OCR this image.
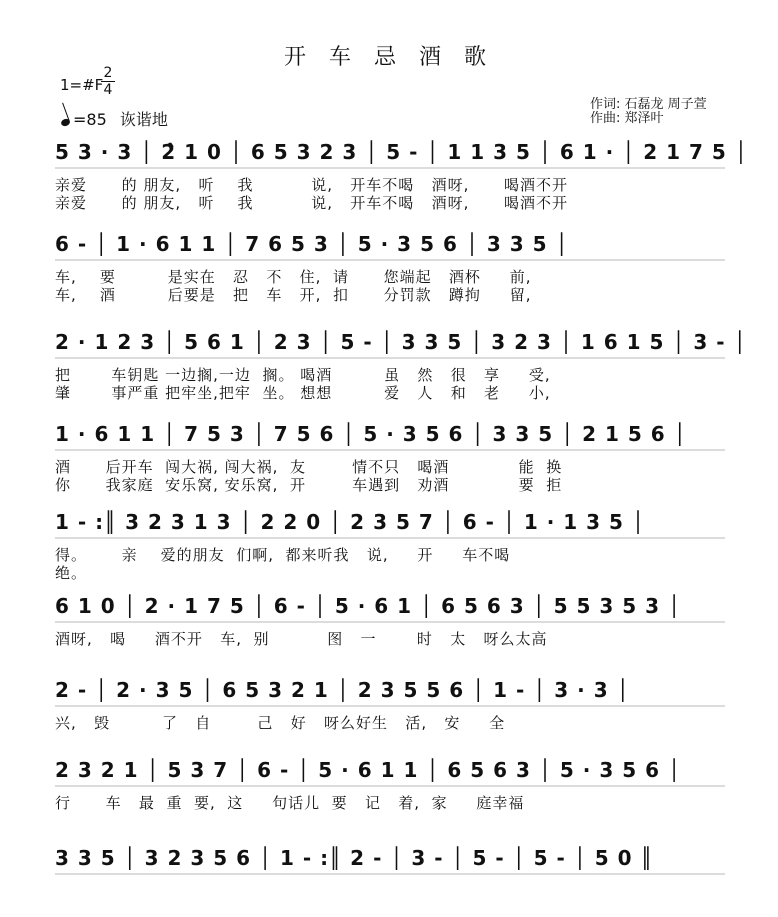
开 车 忌 酒 歌
1=#F
2
4
=85 诙谐地
作词: 石磊龙 周子萱
作曲: 郑泽叶
5 3 · 3 │ 2̂ 1 0 │ 6 5 3 2 3 │ 5 - │ 1 1 3 5 │ 6 1 · │ 2 1 7 5 │
亲爱      的 朋友,   听    我          说,   开车不喝   酒呀,      喝酒不开
亲爱      的 朋友,   听    我          说,   开车不喝   酒呀,      喝酒不开
6 - │ 1 · 6 1 1 │ 7 6 5 3 │ 5 · 3 5 6 │ 3 3 5 │
车,    要         是实在   忍   不   住,  请      您端起   酒杯     前,
车,    酒         后要是   把   车   开,  扣      分罚款   蹲拘     留,
2 · 1 2 3 │ 5 6 1 │ 2 3 │ 5 - │ 3 3 5 │ 3 2 3 │ 1 6 1 5 │ 3 - │
把       车钥匙 一边搁,一边  搁。 喝酒         虽   然   很   享     受,
肇       事严重 把牢坐,把牢  坐。 想想         爱   人   和   老     小,
1 · 6 1 1 │ 7 5 3 │ 7 5 6 │ 5 · 3 5 6 │ 3 3 5 │ 2 1 5 6 │
酒      后开车  闯大祸, 闯大祸,  友        情不只   喝酒            能  换
你      我家庭  安乐窝, 安乐窝,  开        车遇到   劝酒            要  拒
1 - :║ 3 2 3 1 3 │ 2 2 0 │ 2 3 5 7 │ 6 - │ 1 · 1 3 5 │
得。      亲    爱的朋友  们啊,  都来听我   说,     开     车不喝
绝。
6 1 0 │ 2 · 1 7 5 │ 6 - │ 5 · 6 1 │ 6 5 6 3 │ 5 5 3 5 3 │
酒呀,   喝     酒不开   车,  别          图   一       时   太   呀么太高
2 - │ 2 · 3 5 │ 6 5 3 2 1 │ 2 3 5 5 6 │ 1 - │ 3 · 3 │
兴,   毁         了   自        己   好   呀么好生   活,   安     全
2 3 2 1 │ 5 3 7 │ 6 - │ 5 · 6 1 1 │ 6 5 6 3 │ 5 · 3 5 6 │
行      车   最  重  要,  这     句话儿  要   记   着,  家     庭幸福
3 3 5 │ 3 2 3 5 6 │ 1 - :║ 2 - │ 3 - │ 5 - │ 5 - │ 5 0 ║
